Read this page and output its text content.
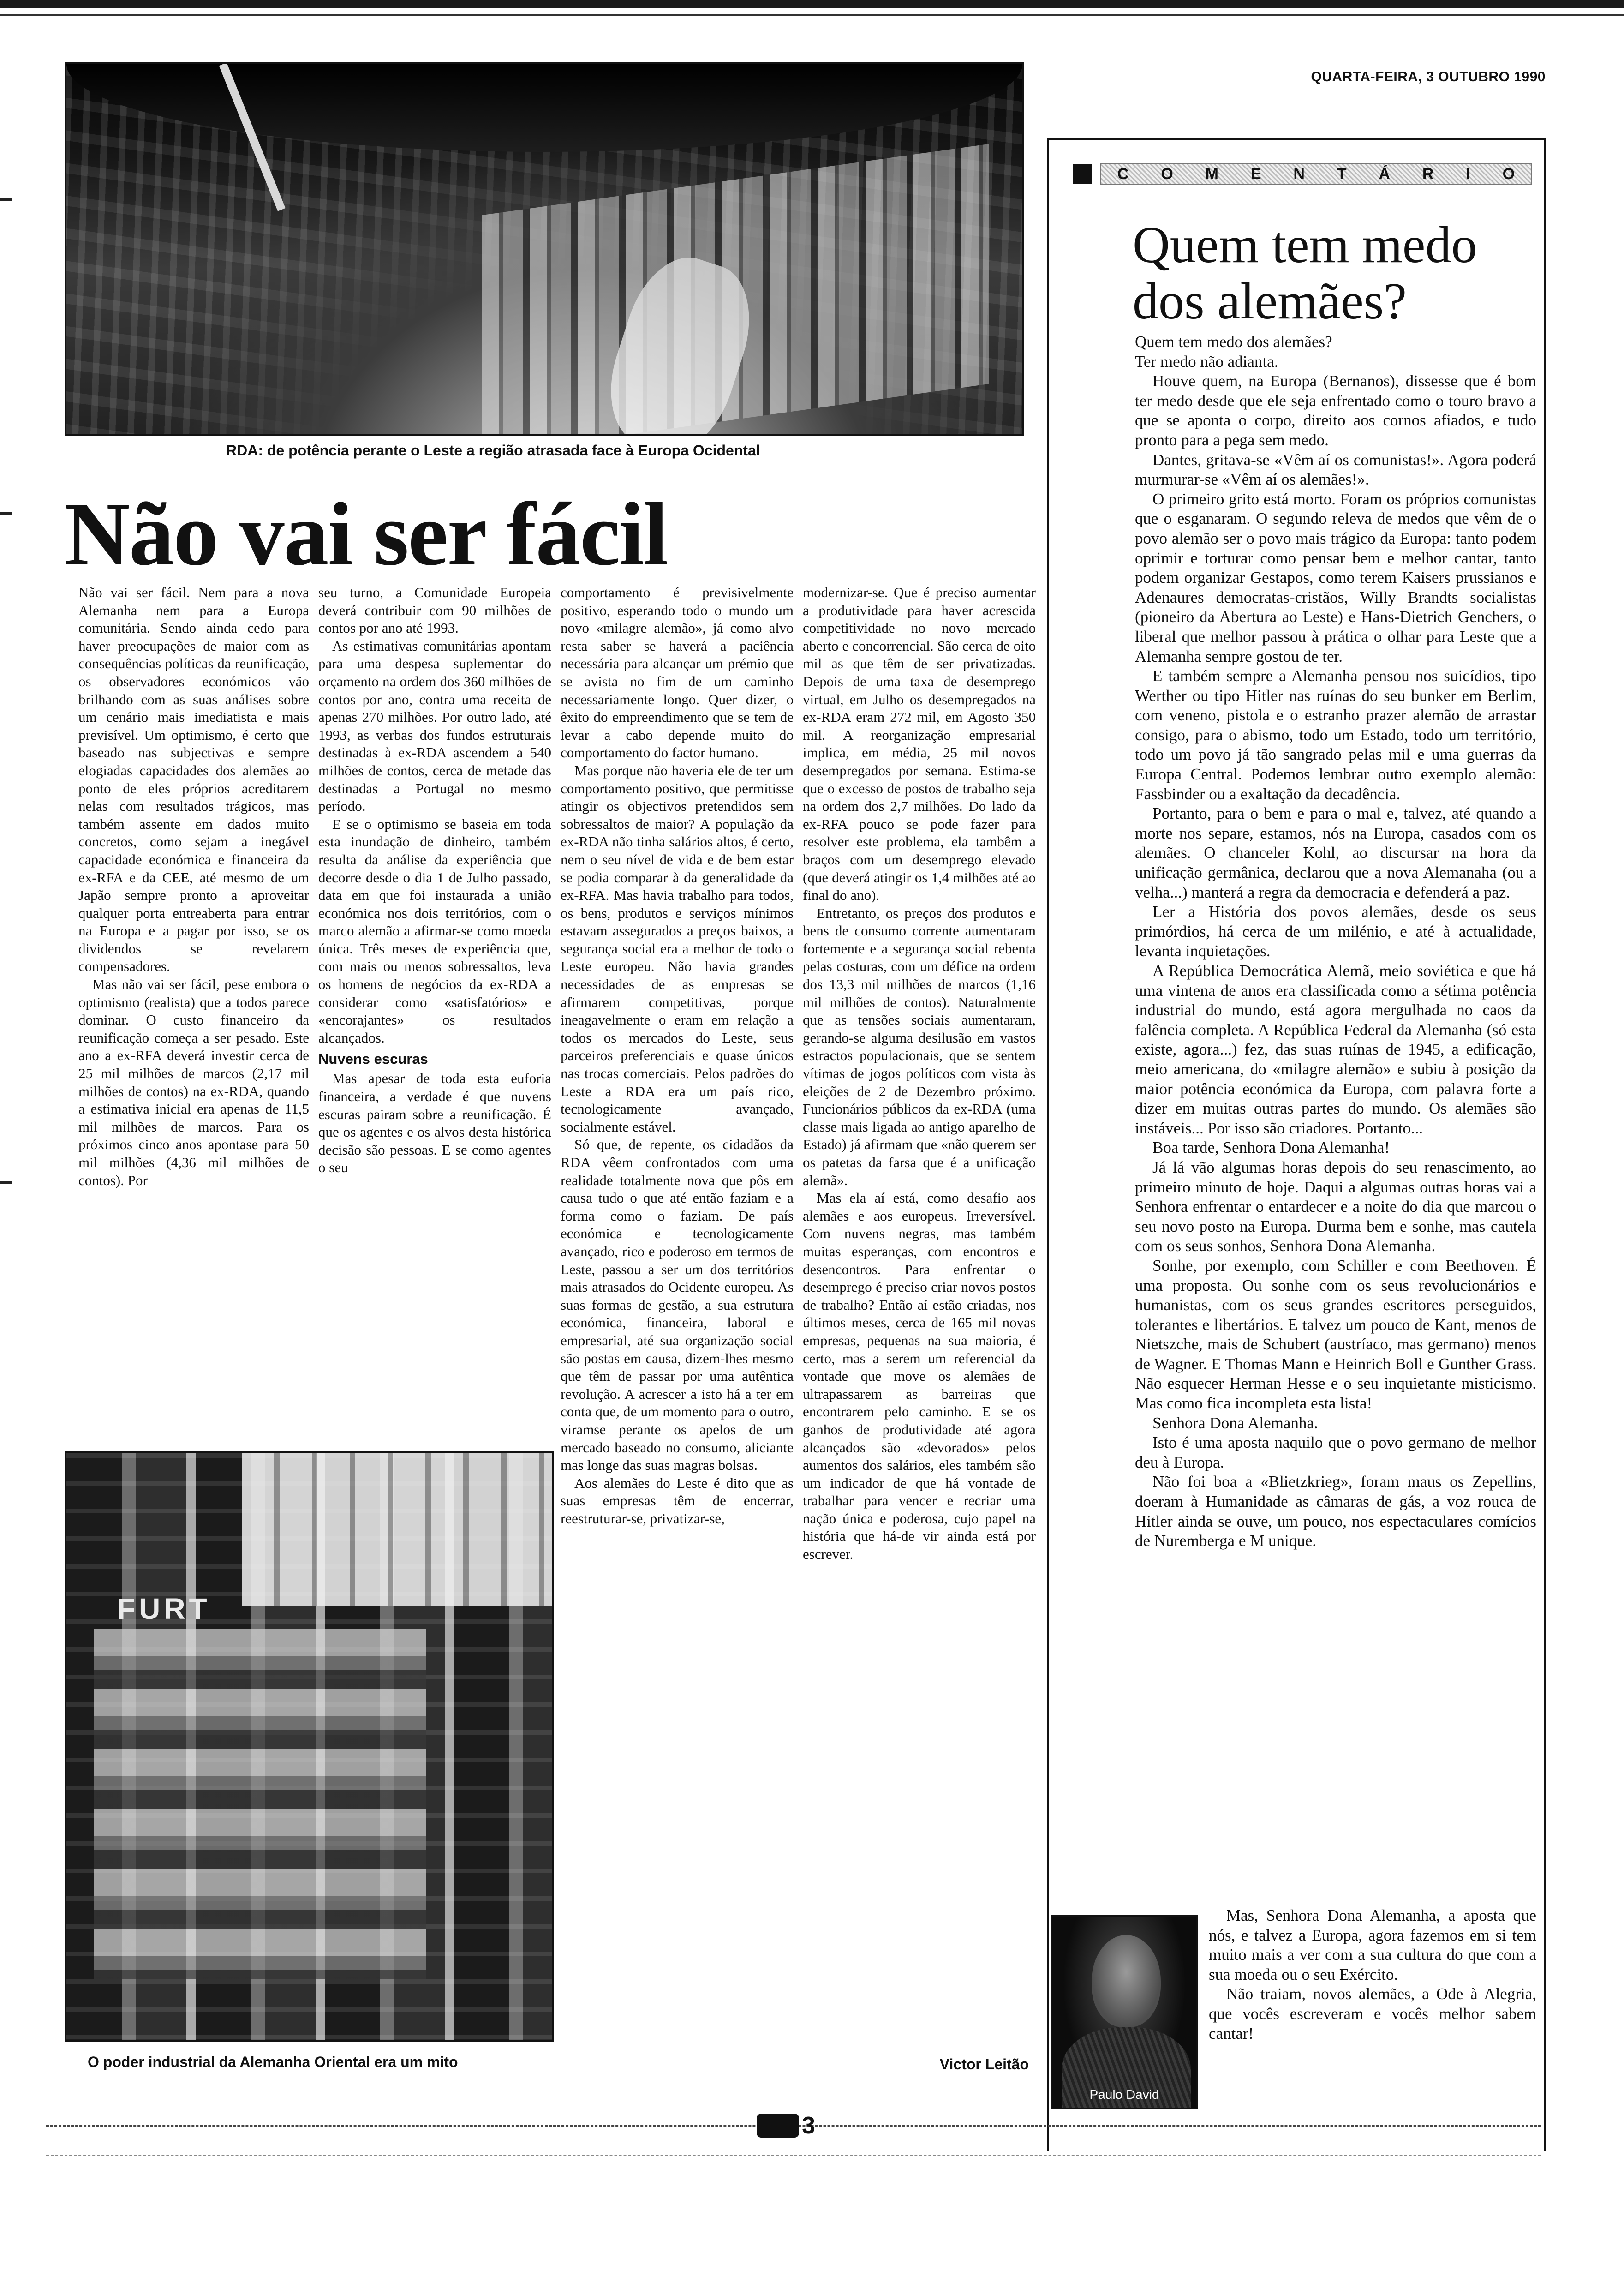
QUARTA-FEIRA, 3 OUTUBRO 1990
RDA: de potência perante o Leste a região atrasada face à Europa Ocidental
Não vai ser fácil

Não vai ser fácil. Nem para a nova Alemanha nem para a Europa comunitária. Sendo ainda cedo para haver preocupações de maior com as consequências políticas da reunificação, os observadores económicos vão brilhando com as suas análises sobre um cenário mais imediatista e mais previsível. Um optimismo, é certo que baseado nas subjectivas e sempre elogiadas capacidades dos alemães ao ponto de eles próprios acreditarem nelas com resultados trágicos, mas também assente em dados muito concretos, como sejam a inegável capacidade económica e financeira da ex-RFA e da CEE, até mesmo de um Japão sempre pronto a aproveitar qualquer porta entreaberta para entrar na Europa e a pagar por isso, se os dividendos se revelarem compensadores.

Mas não vai ser fácil, pese embora o optimismo (realista) que a todos parece dominar. O custo financeiro da reunificação começa a ser pesado. Este ano a ex-RFA deverá investir cerca de 25 mil milhões de marcos (2,17 mil milhões de contos) na ex-RDA, quando a estimativa inicial era apenas de 11,5 mil milhões de marcos. Para os próximos cinco anos apontase para 50 mil milhões (4,36 mil milhões de contos). Por

seu turno, a Comunidade Europeia deverá contribuir com 90 milhões de contos por ano até 1993.

As estimativas comunitárias apontam para uma despesa suplementar do orçamento na ordem dos 360 milhões de contos por ano, contra uma receita de apenas 270 milhões. Por outro lado, até 1993, as verbas dos fundos estruturais destinadas à ex-RDA ascendem a 540 milhões de contos, cerca de metade das destinadas a Portugal no mesmo período.

E se o optimismo se baseia em toda esta inundação de dinheiro, também resulta da análise da experiência que decorre desde o dia 1 de Julho passado, data em que foi instaurada a união económica nos dois territórios, com o marco alemão a afirmar-se como moeda única. Três meses de experiência que, com mais ou menos sobressaltos, leva os homens de negócios da ex-RDA a considerar como «satisfatórios» e «encorajantes» os resultados alcançados.

Nuvens escuras

Mas apesar de toda esta euforia financeira, a verdade é que nuvens escuras pairam sobre a reunificação. É que os agentes e os alvos desta histórica decisão são pessoas. E se como agentes o seu

comportamento é previsivelmente positivo, esperando todo o mundo um novo «milagre alemão», já como alvo resta saber se haverá a paciência necessária para alcançar um prémio que se avista no fim de um caminho necessariamente longo. Quer dizer, o êxito do empreendimento que se tem de levar a cabo depende muito do comportamento do factor humano.

Mas porque não haveria ele de ter um comportamento positivo, que permitisse atingir os objectivos pretendidos sem sobressaltos de maior? A população da ex-RDA não tinha salários altos, é certo, nem o seu nível de vida e de bem estar se podia comparar à da generalidade da ex-RFA. Mas havia trabalho para todos, os bens, produtos e serviços mínimos estavam assegurados a preços baixos, a segurança social era a melhor de todo o Leste europeu. Não havia grandes necessidades de as empresas se afirmarem competitivas, porque ineagavelmente o eram em relação a todos os mercados do Leste, seus parceiros preferenciais e quase únicos nas trocas comerciais. Pelos padrões do Leste a RDA era um país rico, tecnologicamente avançado, socialmente estável.

Só que, de repente, os cidadãos da RDA vêem confrontados com uma realidade totalmente nova que pôs em causa tudo o que até então faziam e a forma como o faziam. De país económica e tecnologicamente avançado, rico e poderoso em termos de Leste, passou a ser um dos territórios mais atrasados do Ocidente europeu. As suas formas de gestão, a sua estrutura económica, financeira, laboral e empresarial, até sua organização social são postas em causa, dizem-lhes mesmo que têm de passar por uma autêntica revolução. A acrescer a isto há a ter em conta que, de um momento para o outro, viramse perante os apelos de um mercado baseado no consumo, aliciante mas longe das suas magras bolsas.

Aos alemães do Leste é dito que as suas empresas têm de encerrar, reestruturar-se, privatizar-se,

modernizar-se. Que é preciso aumentar a produtividade para haver acrescida competitividade no novo mercado aberto e concorrencial. São cerca de oito mil as que têm de ser privatizadas. Depois de uma taxa de desemprego virtual, em Julho os desempregados na ex-RDA eram 272 mil, em Agosto 350 mil. A reorganização empresarial implica, em média, 25 mil novos desempregados por semana. Estima-se que o excesso de postos de trabalho seja na ordem dos 2,7 milhões. Do lado da ex-RFA pouco se pode fazer para resolver este problema, ela tambêm a braços com um desemprego elevado (que deverá atingir os 1,4 milhões até ao final do ano).

Entretanto, os preços dos produtos e bens de consumo corrente aumentaram fortemente e a segurança social rebenta pelas costuras, com um défice na ordem dos 13,3 mil milhões de marcos (1,16 mil milhões de contos). Naturalmente que as tensões sociais aumentaram, gerando-se alguma desilusão em vastos estractos populacionais, que se sentem vítimas de jogos políticos com vista às eleições de 2 de Dezembro próximo. Funcionários públicos da ex-RDA (uma classe mais ligada ao antigo aparelho de Estado) já afirmam que «não querem ser os patetas da farsa que é a unificação alemã».

Mas ela aí está, como desafio aos alemães e aos europeus. Irreversível. Com nuvens negras, mas também muitas esperanças, com encontros e desencontros. Para enfrentar o desemprego é preciso criar novos postos de trabalho? Então aí estão criadas, nos últimos meses, cerca de 165 mil novas empresas, pequenas na sua maioria, é certo, mas a serem um referencial da vontade que move os alemães de ultrapassarem as barreiras que encontrarem pelo caminho. E se os ganhos de produtividade até agora alcançados são «devorados» pelos aumentos dos salários, eles também são um indicador de que há vontade de trabalhar para vencer e recriar uma nação única e poderosa, cujo papel na história que há-de vir ainda está por escrever.

FURT
O poder industrial da Alemanha Oriental era um mito	Victor Leitão
C O M E N T Á R I O
Quem tem medo dos alemães?

Quem tem medo dos alemães?

Ter medo não adianta.

Houve quem, na Europa (Bernanos), dissesse que é bom ter medo desde que ele seja enfrentado como o touro bravo a que se aponta o corpo, direito aos cornos afiados, e tudo pronto para a pega sem medo.

Dantes, gritava-se «Vêm aí os comunistas!». Agora poderá murmurar-se «Vêm aí os alemães!».

O primeiro grito está morto. Foram os próprios comunistas que o esganaram. O segundo releva de medos que vêm de o povo alemão ser o povo mais trágico da Europa: tanto podem oprimir e torturar como pensar bem e melhor cantar, tanto podem organizar Gestapos, como terem Kaisers prussianos e Adenaures democratas-cristãos, Willy Brandts socialistas (pioneiro da Abertura ao Leste) e Hans-Dietrich Genchers, o liberal que melhor passou à prática o olhar para Leste que a Alemanha sempre gostou de ter.

E também sempre a Alemanha pensou nos suicídios, tipo Werther ou tipo Hitler nas ruínas do seu bunker em Berlim, com veneno, pistola e o estranho prazer alemão de arrastar consigo, para o abismo, todo um Estado, todo um território, todo um povo já tão sangrado pelas mil e uma guerras da Europa Central. Podemos lembrar outro exemplo alemão: Fassbinder ou a exaltação da decadência.

Portanto, para o bem e para o mal e, talvez, até quando a morte nos separe, estamos, nós na Europa, casados com os alemães. O chanceler Kohl, ao discursar na hora da unificação germânica, declarou que a nova Alemanaha (ou a velha...) manterá a regra da democracia e defenderá a paz.

Ler a História dos povos alemães, desde os seus primórdios, há cerca de um milénio, e até à actualidade, levanta inquietações.

A República Democrática Alemã, meio soviética e que há uma vintena de anos era classificada como a sétima potência industrial do mundo, está agora mergulhada no caos da falência completa. A República Federal da Alemanha (só esta existe, agora...) fez, das suas ruínas de 1945, a edificação, meio americana, do «milagre alemão» e subiu à posição da maior potência económica da Europa, com palavra forte a dizer em muitas outras partes do mundo. Os alemães são instáveis... Por isso são criadores. Portanto...

Boa tarde, Senhora Dona Alemanha!

Já lá vão algumas horas depois do seu renascimento, ao primeiro minuto de hoje. Daqui a algumas outras horas vai a Senhora enfrentar o entardecer e a noite do dia que marcou o seu novo posto na Europa. Durma bem e sonhe, mas cautela com os seus sonhos, Senhora Dona Alemanha.

Sonhe, por exemplo, com Schiller e com Beethoven. É uma proposta. Ou sonhe com os seus revolucionários e humanistas, com os seus grandes escritores perseguidos, tolerantes e libertários. E talvez um pouco de Kant, menos de Nietszche, mais de Schubert (austríaco, mas germano) menos de Wagner. E Thomas Mann e Heinrich Boll e Gunther Grass. Não esquecer Herman Hesse e o seu inquietante misticismo. Mas como fica incompleta esta lista!

Senhora Dona Alemanha.

Isto é uma aposta naquilo que o povo germano de melhor deu à Europa.

Não foi boa a «Blietzkrieg», foram maus os Zepellins, doeram à Humanidade as câmaras de gás, a voz rouca de Hitler ainda se ouve, um pouco, nos espectaculares comícios de Nuremberga e M unique.

Paulo David

Mas, Senhora Dona Alemanha, a aposta que nós, e talvez a Europa, agora fazemos em si tem muito mais a ver com a sua cultura do que com a sua moeda ou o seu Exército.

Não traiam, novos alemães, a Ode à Alegria, que vocês escreveram e vocês melhor sabem cantar!

3
